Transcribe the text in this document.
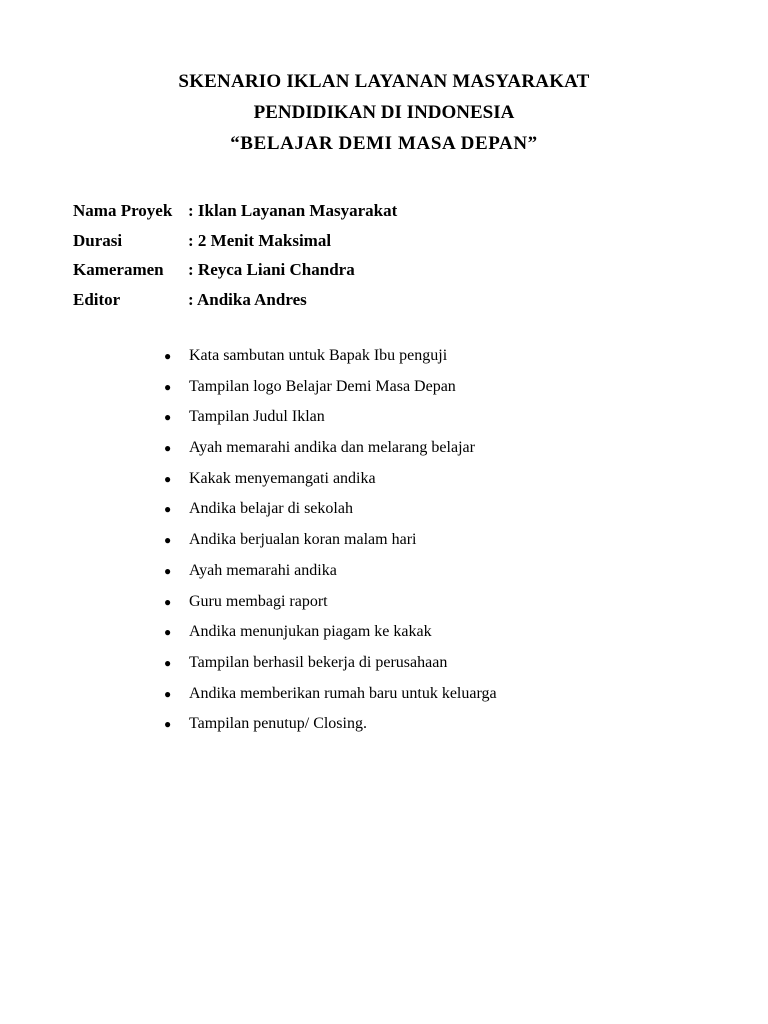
SKENARIO IKLAN LAYANAN MASYARAKAT
PENDIDIKAN DI INDONESIA
“BELAJAR DEMI MASA DEPAN”
Nama Proyek : Iklan Layanan Masyarakat
Durasi	: 2 Menit Maksimal
Kameramen	: Reyca Liani Chandra
Editor	: Andika Andres
●	Kata sambutan untuk Bapak Ibu penguji
●	Tampilan logo Belajar Demi Masa Depan
●	Tampilan Judul Iklan
●	Ayah memarahi andika dan melarang belajar
●	Kakak menyemangati andika
●	Andika belajar di sekolah
●	Andika berjualan koran malam hari
●	Ayah memarahi andika
●	Guru membagi raport
●	Andika menunjukan piagam ke kakak
●	Tampilan berhasil bekerja di perusahaan
●	Andika memberikan rumah baru untuk keluarga
●	Tampilan penutup/ Closing.
